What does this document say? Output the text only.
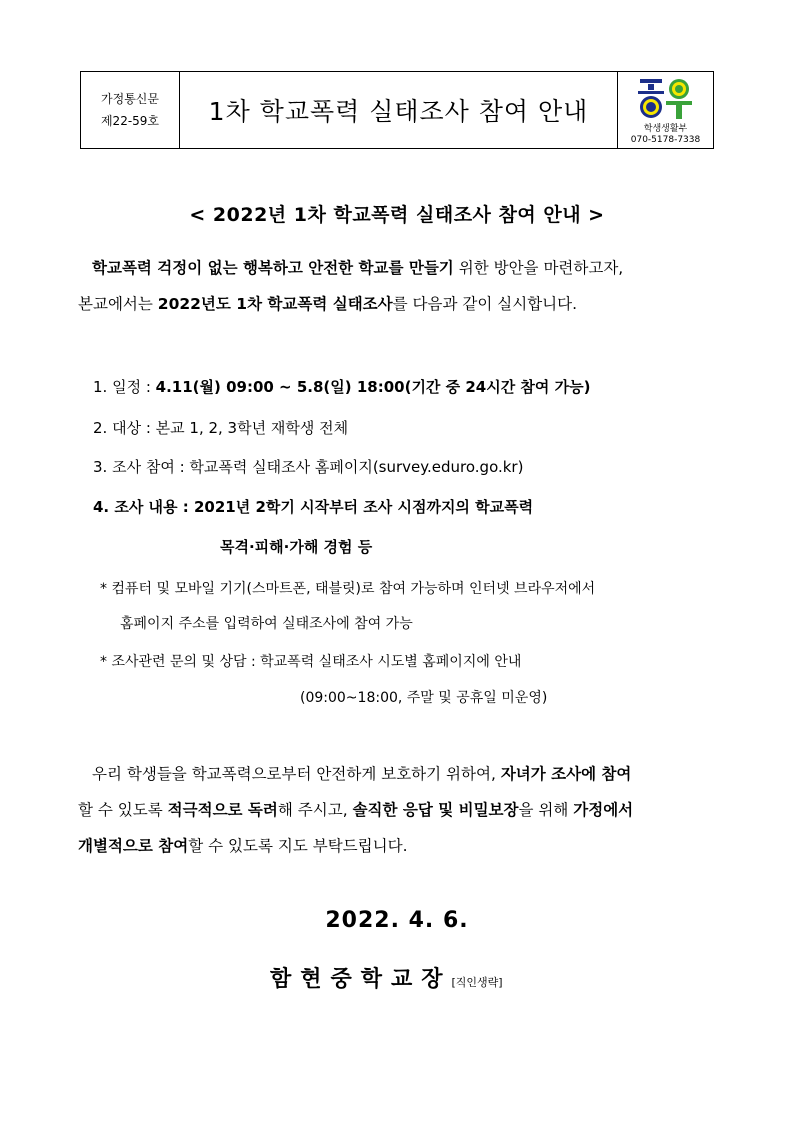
가정통신문
제22-59호	1차 학교폭력 실태조사 참여 안내
학생생활부
070-5178-7338
< 2022년 1차 학교폭력 실태조사 참여 안내 >
학교폭력 걱정이 없는 행복하고 안전한 학교를 만들기 위한 방안을 마련하고자,
본교에서는 2022년도 1차 학교폭력 실태조사를 다음과 같이 실시합니다.
1. 일정 : 4.11(월) 09:00 ~ 5.8(일) 18:00(기간 중 24시간 참여 가능)
2. 대상 : 본교 1, 2, 3학년 재학생 전체
3. 조사 참여 : 학교폭력 실태조사 홈페이지(survey.eduro.go.kr)
4. 조사 내용 : 2021년 2학기 시작부터 조사 시점까지의 학교폭력
목격·피해·가해 경험 등
* 컴퓨터 및 모바일 기기(스마트폰, 태블릿)로 참여 가능하며 인터넷 브라우저에서
홈페이지 주소를 입력하여 실태조사에 참여 가능
* 조사관련 문의 및 상담 : 학교폭력 실태조사 시도별 홈페이지에 안내
(09:00~18:00, 주말 및 공휴일 미운영)
우리 학생들을 학교폭력으로부터 안전하게 보호하기 위하여, 자녀가 조사에 참여
할 수 있도록 적극적으로 독려해 주시고, 솔직한 응답 및 비밀보장을 위해 가정에서
개별적으로 참여할 수 있도록 지도 부탁드립니다.
2022. 4. 6.
함현중학교장[직인생략]
